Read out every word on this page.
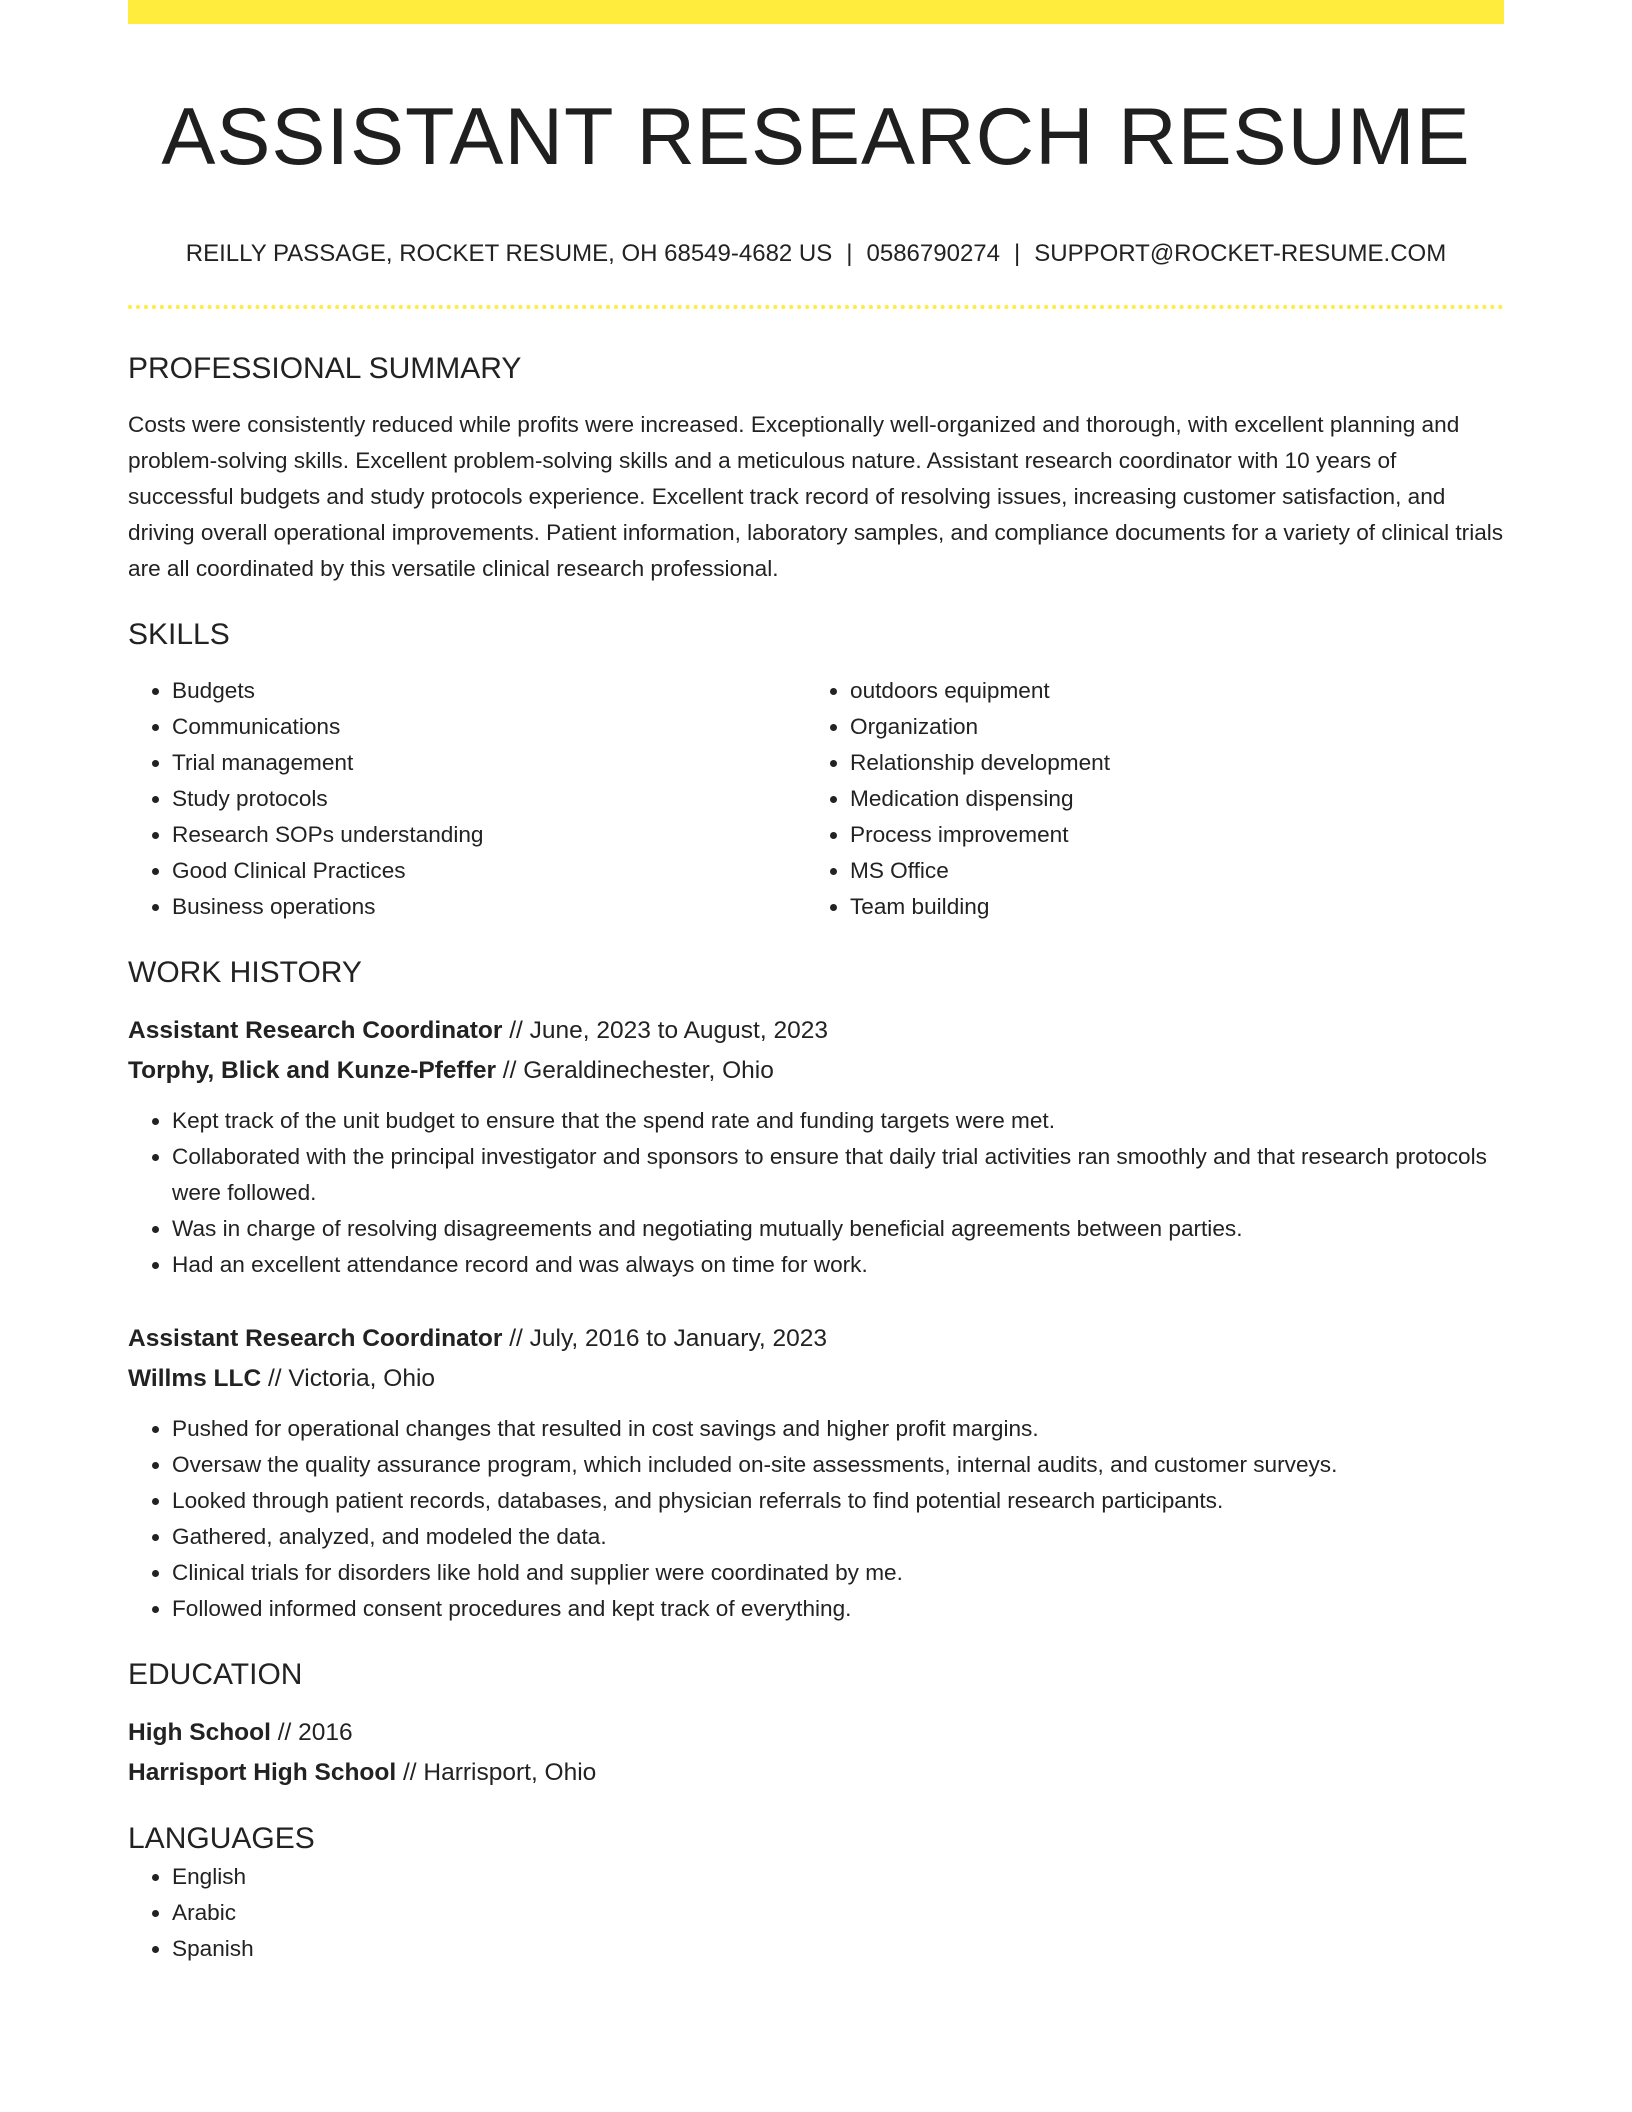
ASSISTANT RESEARCH RESUME
REILLY PASSAGE, ROCKET RESUME, OH 68549-4682 US | 0586790274 | SUPPORT@ROCKET-RESUME.COM
PROFESSIONAL SUMMARY

Costs were consistently reduced while profits were increased. Exceptionally well-organized and thorough, with excellent planning and problem-solving skills. Excellent problem-solving skills and a meticulous nature. Assistant research coordinator with 10 years of successful budgets and study protocols experience. Excellent track record of resolving issues, increasing customer satisfaction, and driving overall operational improvements. Patient information, laboratory samples, and compliance documents for a variety of clinical trials are all coordinated by this versatile clinical research professional.

SKILLS
• Budgets
• Communications
• Trial management
• Study protocols
• Research SOPs understanding
• Good Clinical Practices
• Business operations
• outdoors equipment
• Organization
• Relationship development
• Medication dispensing
• Process improvement
• MS Office
• Team building
WORK HISTORY
Assistant Research Coordinator // June, 2023 to August, 2023
Torphy, Blick and Kunze-Pfeffer // Geraldinechester, Ohio
• Kept track of the unit budget to ensure that the spend rate and funding targets were met.
• Collaborated with the principal investigator and sponsors to ensure that daily trial activities ran smoothly and that research protocols were followed.
• Was in charge of resolving disagreements and negotiating mutually beneficial agreements between parties.
• Had an excellent attendance record and was always on time for work.
Assistant Research Coordinator // July, 2016 to January, 2023
Willms LLC // Victoria, Ohio
• Pushed for operational changes that resulted in cost savings and higher profit margins.
• Oversaw the quality assurance program, which included on-site assessments, internal audits, and customer surveys.
• Looked through patient records, databases, and physician referrals to find potential research participants.
• Gathered, analyzed, and modeled the data.
• Clinical trials for disorders like hold and supplier were coordinated by me.
• Followed informed consent procedures and kept track of everything.
EDUCATION
High School // 2016
Harrisport High School // Harrisport, Ohio
LANGUAGES
• English
• Arabic
• Spanish
